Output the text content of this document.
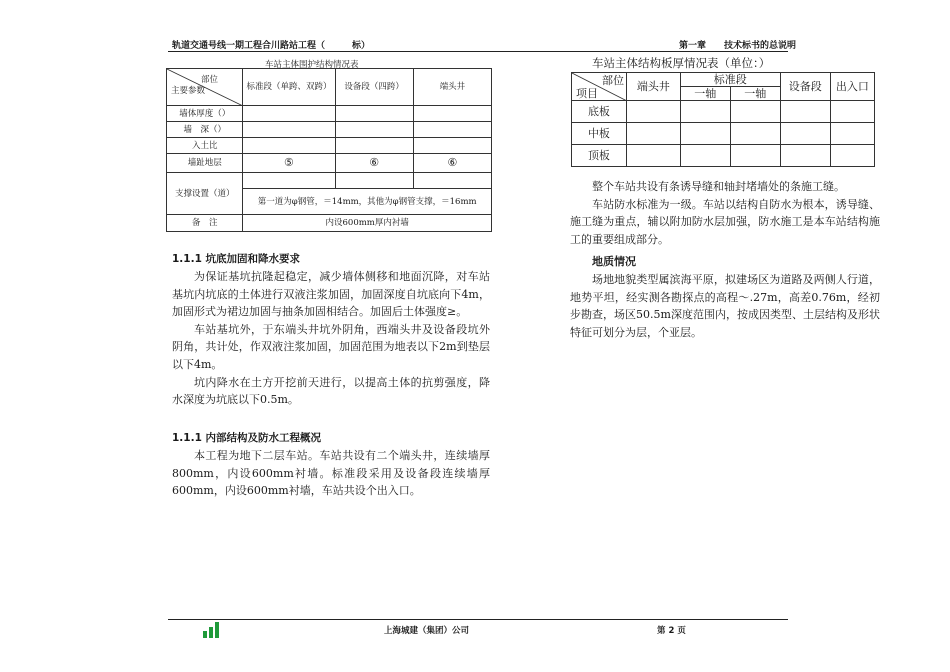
轨道交通号线一期工程合川路站工程（　　　标）	第一章　　技术标书的总说明
车站主体围护结构情况表
部位
主要参数	标准段（单跨、双跨）	设备段（四跨）	端头井
墙体厚度（）			
墙　深（）			
入土比			
墙趾地层	⑤	⑥	⑥
支撑设置（道）			
	第一道为φ钢管，＝14mm，其他为φ钢管支撑，＝16mm		
备　注	内设600mm厚内衬墙		
1.1.1 坑底加固和降水要求
为保证基坑抗隆起稳定，减少墙体侧移和地面沉降，对车站基坑内坑底的土体进行双液注浆加固，加固深度自坑底向下4m，加固形式为裙边加固与抽条加固相结合。加固后土体强度≥。
车站基坑外，于东端头井坑外阴角，西端头井及设备段坑外阴角，共计处，作双液注浆加固，加固范围为地表以下2m到垫层以下4m。
坑内降水在土方开挖前天进行，以提高土体的抗剪强度，降水深度为坑底以下0.5m。
1.1.1 内部结构及防水工程概况
本工程为地下二层车站。车站共设有二个端头井，连续墙厚800mm，内设600mm衬墙。标准段采用及设备段连续墙厚600mm，内设600mm衬墙，车站共设个出入口。
车站主体结构板厚情况表（单位：）
部位
项目	端头井	标准段		设备段	出入口
		一轴	一轴		
底板					
中板					
顶板					
整个车站共设有条诱导缝和轴封堵墙处的条施工缝。
车站防水标准为一级。车站以结构自防水为根本，诱导缝、施工缝为重点，辅以附加防水层加强，防水施工是本车站结构施工的重要组成部分。
地质情况
场地地貌类型属滨海平原，拟建场区为道路及两侧人行道，地势平坦，经实测各勘探点的高程～.27m，高差0.76m，经初步勘查，场区50.5m深度范围内，按成因类型、土层结构及形状特征可划分为层，个亚层。
上海城建（集团）公司	第 2 页
